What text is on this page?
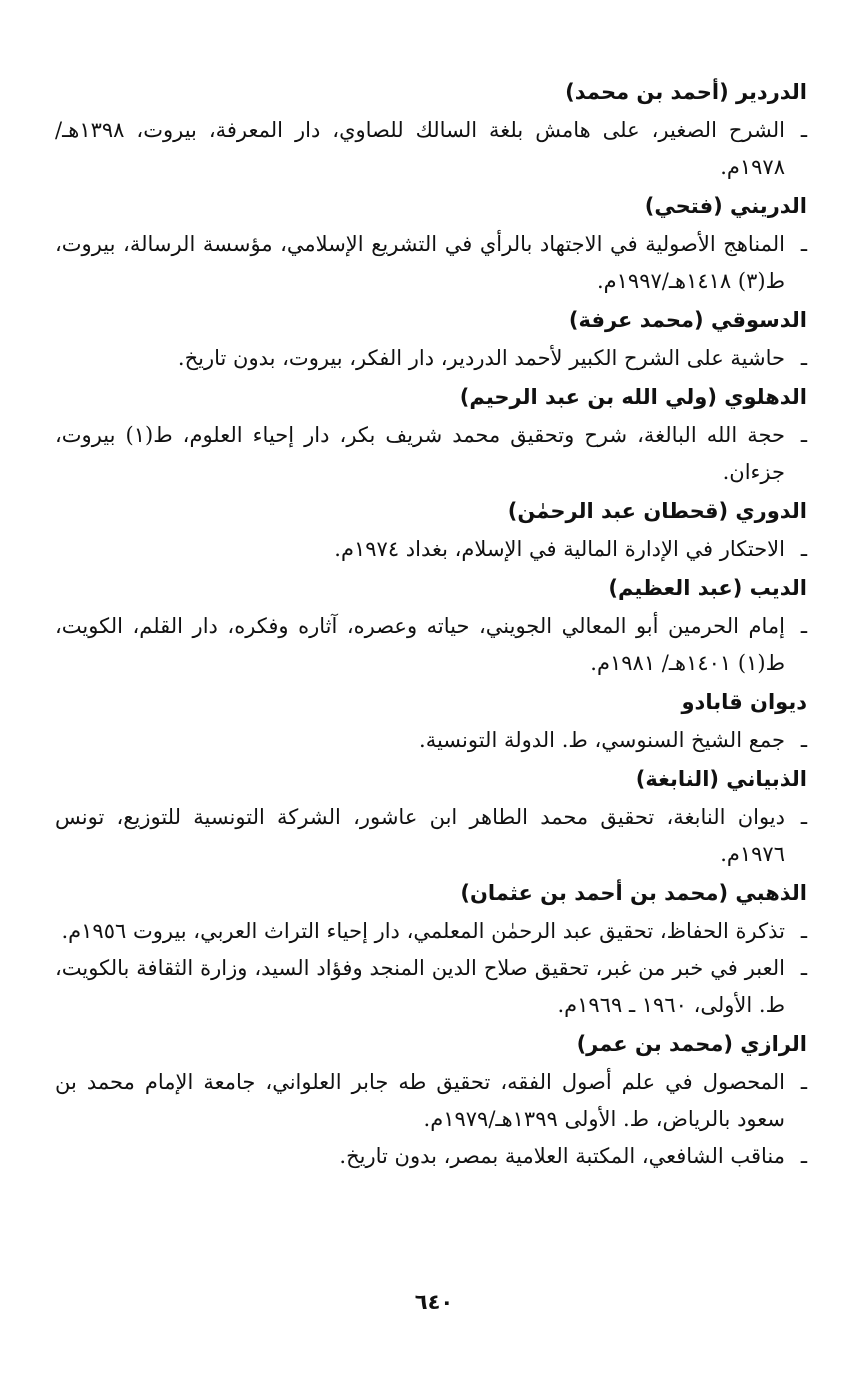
الدردير (أحمد بن محمد)
ـ
الشرح الصغير، على هامش بلغة السالك للصاوي، دار المعرفة، بيروت، ١٣٩٨هـ/١٩٧٨م.
الدريني (فتحي)
ـ
المناهج الأصولية في الاجتهاد بالرأي في التشريع الإسلامي، مؤسسة الرسالة، بيروت، ط(٣) ١٤١٨هـ/١٩٩٧م.
الدسوقي (محمد عرفة)
ـ
حاشية على الشرح الكبير لأحمد الدردير، دار الفكر، بيروت، بدون تاريخ.
الدهلوي (ولي الله بن عبد الرحيم)
ـ
حجة الله البالغة، شرح وتحقيق محمد شريف بكر، دار إحياء العلوم، ط(١) بيروت، جزءان.
الدوري (قحطان عبد الرحمٰن)
ـ
الاحتكار في الإدارة المالية في الإسلام، بغداد ١٩٧٤م.
الديب (عبد العظيم)
ـ
إمام الحرمين أبو المعالي الجويني، حياته وعصره، آثاره وفكره، دار القلم، الكويت، ط(١) ١٤٠١هـ/ ١٩٨١م.
ديوان قابادو
ـ
جمع الشيخ السنوسي، ط. الدولة التونسية.
الذبياني (النابغة)
ـ
ديوان النابغة، تحقيق محمد الطاهر ابن عاشور، الشركة التونسية للتوزيع، تونس ١٩٧٦م.
الذهبي (محمد بن أحمد بن عثمان)
ـ
تذكرة الحفاظ، تحقيق عبد الرحمٰن المعلمي، دار إحياء التراث العربي، بيروت ١٩٥٦م.
ـ
العبر في خبر من غبر، تحقيق صلاح الدين المنجد وفؤاد السيد، وزارة الثقافة بالكويت، ط. الأولى، ١٩٦٠ ـ ١٩٦٩م.
الرازي (محمد بن عمر)
ـ
المحصول في علم أصول الفقه، تحقيق طه جابر العلواني، جامعة الإمام محمد بن سعود بالرياض، ط. الأولى ١٣٩٩هـ/١٩٧٩م.
ـ
مناقب الشافعي، المكتبة العلامية بمصر، بدون تاريخ.
٦٤٠
